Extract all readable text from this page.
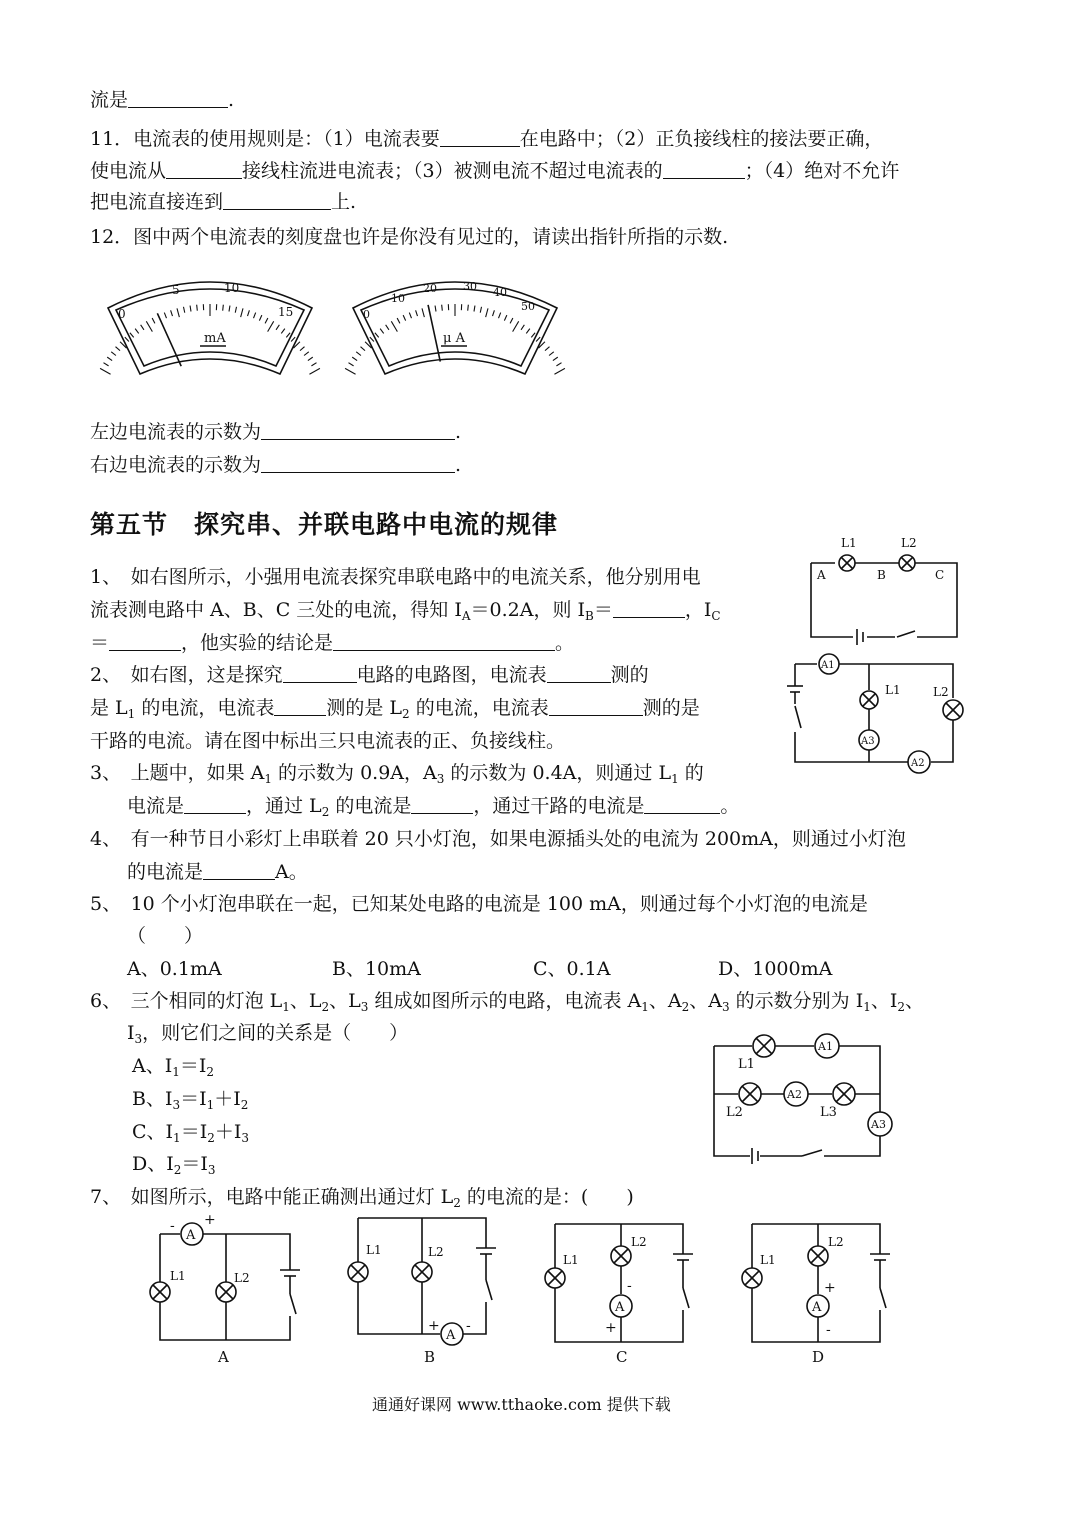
流是	.
11．电流表的使用规则是：（1）电流表要	在电路中；（2）正负接线柱的接法要正确，
使电流从	接线柱流进电流表；（3）被测电流不超过电流表的	；（4）绝对不允许
把电流直接连到	上.
12．图中两个电流表的刻度盘也许是你没有见过的，请读出指针所指的示数.
mA
0
5	10
15
μ A
0
10
20 30 40
50
左边电流表的示数为	.
右边电流表的示数为	.
第五节　探究串、并联电路中电流的规律
1、　如右图所示，小强用电流表探究串联电路中的电流关系，他分别用电
流表测电路中 A、B、C 三处的电流，得知 $I_A=0.2A$，则 $I_B=$	，$I_C$
＝	，他实验的结论是	。
L1	L2
A	B	C
2、　如右图，这是探究	电路的电路图，电流表	测的
是 $L_1$ 的电流，电流表	测的是 $L_2$ 的电流，电流表	测的是
干路的电流。请在图中标出三只电流表的正、负接线柱。
A1
A3
A2
L1	L2
3、　上题中，如果 $A_1$ 的示数为 0.9A，$A_3$ 的示数为 0.4A，则通过 $L_1$ 的
电流是	，通过 $L_2$ 的电流是	，通过干路的电流是	。
4、　有一种节日小彩灯上串联着 20 只小灯泡，如果电源插头处的电流为 200mA，则通过小灯泡
的电流是	A。
5、　10 个小灯泡串联在一起，已知某处电路的电流是 100 mA，则通过每个小灯泡的电流是
（　　）
A、0.1mA	B、10mA	C、0.1A	D、1000mA
6、　三个相同的灯泡 $L_1$、$L_2$、$L_3$ 组成如图所示的电路，电流表 $A_1$、$A_2$、$A_3$ 的示数分别为 $I_1$、$I_2$、
$I_3$，则它们之间的关系是（　　）
A、$I_1=I_2$
B、$I_3=I_1+I_2$
C、$I_1=I_2+I_3$
D、$I_2=I_3$
A1
A2
A3
L1
L2	L3
7、　如图所示，电路中能正确测出通过灯 $L_2$ 的电流的是：(　　)
A
- +
L1	L2
A
A
+ -
L1	L2
B
A
-
+
L1
L2
C
A
+
-
L1
L2
D
通通好课网 www.tthaoke.com 提供下载
